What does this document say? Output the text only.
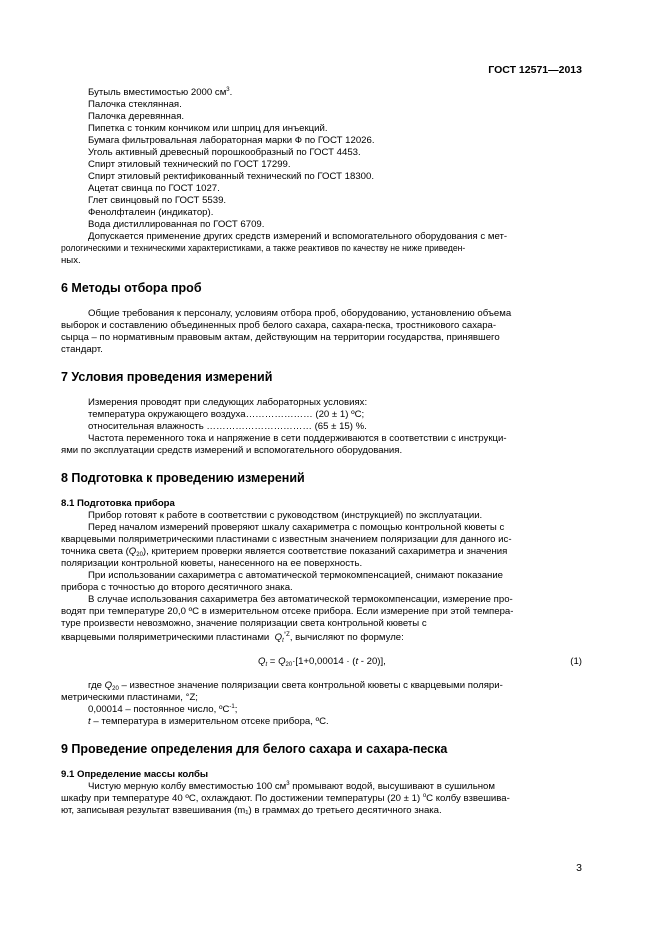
ГОСТ 12571—2013

Бутыль вместимостью 2000 $см^3$.

Палочка стеклянная.

Палочка деревянная.

Пипетка с тонким кончиком или шприц для инъекций.

Бумага фильтровальная лабораторная марки Ф по ГОСТ 12026.

Уголь активный древесный порошкообразный по ГОСТ 4453.

Спирт этиловый технический по ГОСТ 17299.

Спирт этиловый ректификованный технический по ГОСТ 18300.

Ацетат свинца по ГОСТ 1027.

Глет свинцовый по ГОСТ 5539.

Фенолфталеин (индикатор).

Вода дистиллированная по ГОСТ 6709.

Допускается применение других средств измерений и вспомогательного оборудования с мет-

рологическими и техническими характеристиками, а также реактивов по качеству не ниже приведен-

ных.

6 Методы отбора проб

Общие требования к персоналу, условиям отбора проб, оборудованию, установлению объема

выборок и составлению объединенных проб белого сахара, сахара-песка, тростникового сахара-

сырца – по нормативным правовым актам, действующим на территории государства, принявшего

стандарт.

7 Условия проведения измерений

Измерения проводят при следующих лабораторных условиях:

температура окружающего воздуха………………… (20 ± 1) ºС;

относительная влажность …………………………… (65 ± 15) %.

Частота переменного тока и напряжение в сети поддерживаются в соответствии с инструкци-

ями по эксплуатации средств измерений и вспомогательного оборудования.

8 Подготовка к проведению измерений

8.1 Подготовка прибора

Прибор готовят к работе в соответствии с руководством (инструкцией) по эксплуатации.

Перед началом измерений проверяют шкалу сахариметра с помощью контрольной кюветы с

кварцевыми поляриметрическими пластинами с известным значением поляризации для данного ис-

точника света $(Q_{20})$, критерием проверки является соответствие показаний сахариметра и значения

поляризации контрольной кюветы, нанесенного на ее поверхность.

При использовании сахариметра с автоматической термокомпенсацией, снимают показание

прибора с точностью до второго десятичного знака.

В случае использования сахариметра без автоматической термокомпенсации, измерение про-

водят при температуре 20,0 ºС в измерительном отсеке прибора. Если измерение при этой темпера-

туре произвести невозможно, значение поляризации света контрольной кюветы с

кварцевыми поляриметрическими пластинами $Q_t^{^\circ Z}$, вычисляют по формуле:

$Q_t = Q_{20}\cdot[1+0,00014 \cdot (t - 20)]$,	(1)

где $Q_{20}$ – известное значение поляризации света контрольной кюветы с кварцевыми поляри-

метрическими пластинами, °Z;

0,00014 – постоянное число, ºС$^{-1}$;

t – температура в измерительном отсеке прибора, ºС.

9 Проведение определения для белого сахара и сахара-песка

9.1 Определение массы колбы

Чистую мерную колбу вместимостью 100 $см^3$ промывают водой, высушивают в сушильном

шкафу при температуре 40 ºС, охлаждают. По достижении температуры (20 ± 1) $^о$С колбу взвешива-

ют, записывая результат взвешивания (m₁) в граммах до третьего десятичного знака.

3
